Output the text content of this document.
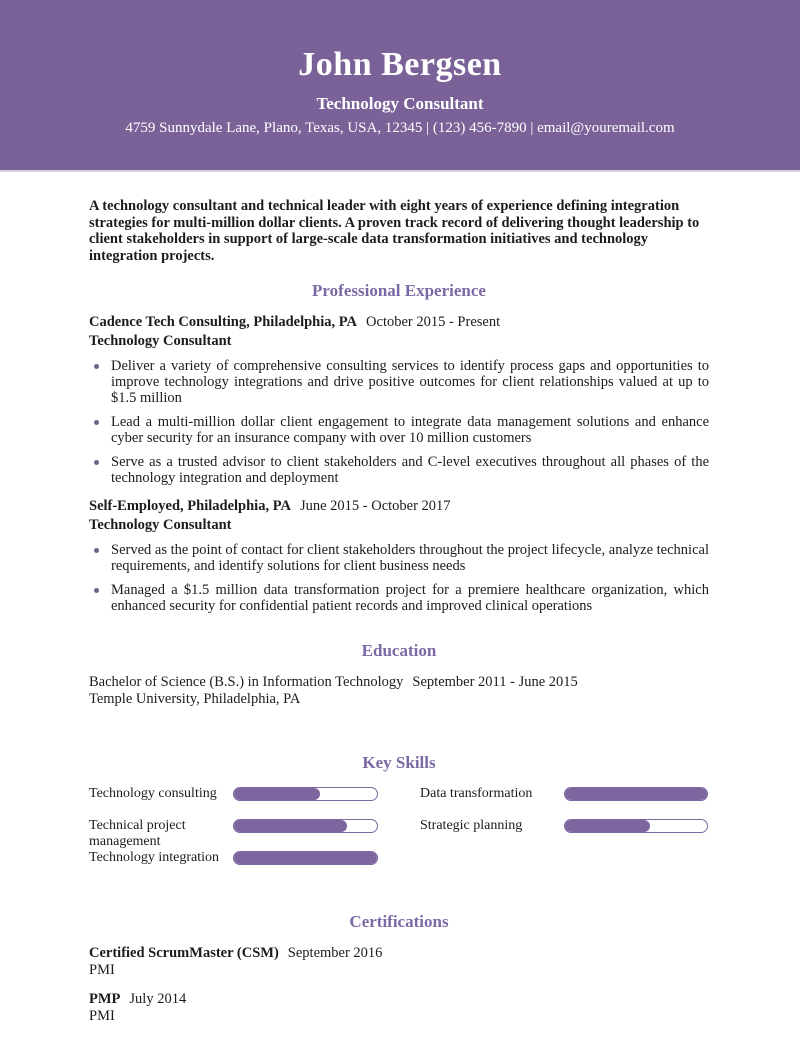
John Bergsen
Technology Consultant
4759 Sunnydale Lane, Plano, Texas, USA, 12345 | (123) 456-7890 | email@youremail.com

A technology consultant and technical leader with eight years of experience defining integration strategies for multi-million dollar clients. A proven track record of delivering thought leadership to client stakeholders in support of large-scale data transformation initiatives and technology integration projects.

Professional Experience

Cadence Tech Consulting, Philadelphia, PA October 2015 - Present

Technology Consultant

Deliver a variety of comprehensive consulting services to identify process gaps and opportunities to improve technology integrations and drive positive outcomes for client relationships valued at up to $1.5 million
Lead a multi-million dollar client engagement to integrate data management solutions and enhance cyber security for an insurance company with over 10 million customers
Serve as a trusted advisor to client stakeholders and C-level executives throughout all phases of the technology integration and deployment

Self-Employed, Philadelphia, PA June 2015 - October 2017

Technology Consultant

Served as the point of contact for client stakeholders throughout the project lifecycle, analyze technical requirements, and identify solutions for client business needs
Managed a $1.5 million data transformation project for a premiere healthcare organization, which enhanced security for confidential patient records and improved clinical operations
Education

Bachelor of Science (B.S.) in Information Technology September 2011 - June 2015

Temple University, Philadelphia, PA

Key Skills
Technology consulting
Technical project management
Technology integration
Data transformation
Strategic planning
Certifications

Certified ScrumMaster (CSM) September 2016

PMI

PMP July 2014

PMI
